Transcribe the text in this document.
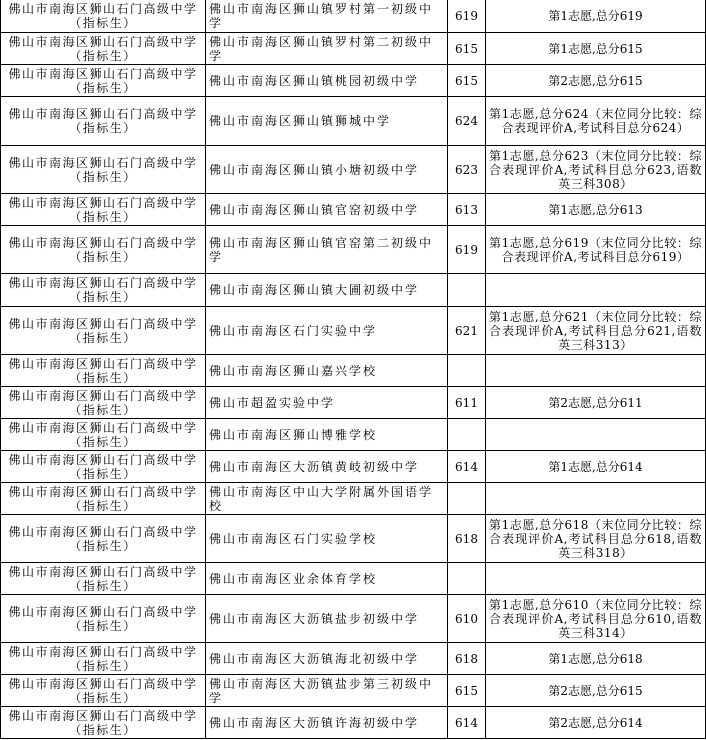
佛山市南海区狮山石门高级中学（指标生）	佛山市南海区狮山镇罗村第一初级中学	619	第1志愿,总分619
佛山市南海区狮山石门高级中学（指标生）	佛山市南海区狮山镇罗村第二初级中学	615	第1志愿,总分615
佛山市南海区狮山石门高级中学（指标生）	佛山市南海区狮山镇桃园初级中学	615	第2志愿,总分615
佛山市南海区狮山石门高级中学（指标生）	佛山市南海区狮山镇狮城中学	624	第1志愿,总分624（末位同分比较：综合表现评价A,考试科目总分624）
佛山市南海区狮山石门高级中学（指标生）	佛山市南海区狮山镇小塘初级中学	623	第1志愿,总分623（末位同分比较：综合表现评价A,考试科目总分623,语数英三科308）
佛山市南海区狮山石门高级中学（指标生）	佛山市南海区狮山镇官窑初级中学	613	第1志愿,总分613
佛山市南海区狮山石门高级中学（指标生）	佛山市南海区狮山镇官窑第二初级中学	619	第1志愿,总分619（末位同分比较：综合表现评价A,考试科目总分619）
佛山市南海区狮山石门高级中学（指标生）	佛山市南海区狮山镇大圃初级中学		
佛山市南海区狮山石门高级中学（指标生）	佛山市南海区石门实验中学	621	第1志愿,总分621（末位同分比较：综合表现评价A,考试科目总分621,语数英三科313）
佛山市南海区狮山石门高级中学（指标生）	佛山市南海区狮山嘉兴学校		
佛山市南海区狮山石门高级中学（指标生）	佛山市超盈实验中学	611	第2志愿,总分611
佛山市南海区狮山石门高级中学（指标生）	佛山市南海区狮山博雅学校		
佛山市南海区狮山石门高级中学（指标生）	佛山市南海区大沥镇黄岐初级中学	614	第1志愿,总分614
佛山市南海区狮山石门高级中学（指标生）	佛山市南海区中山大学附属外国语学校		
佛山市南海区狮山石门高级中学（指标生）	佛山市南海区石门实验学校	618	第1志愿,总分618（末位同分比较：综合表现评价A,考试科目总分618,语数英三科318）
佛山市南海区狮山石门高级中学（指标生）	佛山市南海区业余体育学校		
佛山市南海区狮山石门高级中学（指标生）	佛山市南海区大沥镇盐步初级中学	610	第1志愿,总分610（末位同分比较：综合表现评价A,考试科目总分610,语数英三科314）
佛山市南海区狮山石门高级中学（指标生）	佛山市南海区大沥镇海北初级中学	618	第1志愿,总分618
佛山市南海区狮山石门高级中学（指标生）	佛山市南海区大沥镇盐步第三初级中学	615	第2志愿,总分615
佛山市南海区狮山石门高级中学（指标生）	佛山市南海区大沥镇许海初级中学	614	第2志愿,总分614
